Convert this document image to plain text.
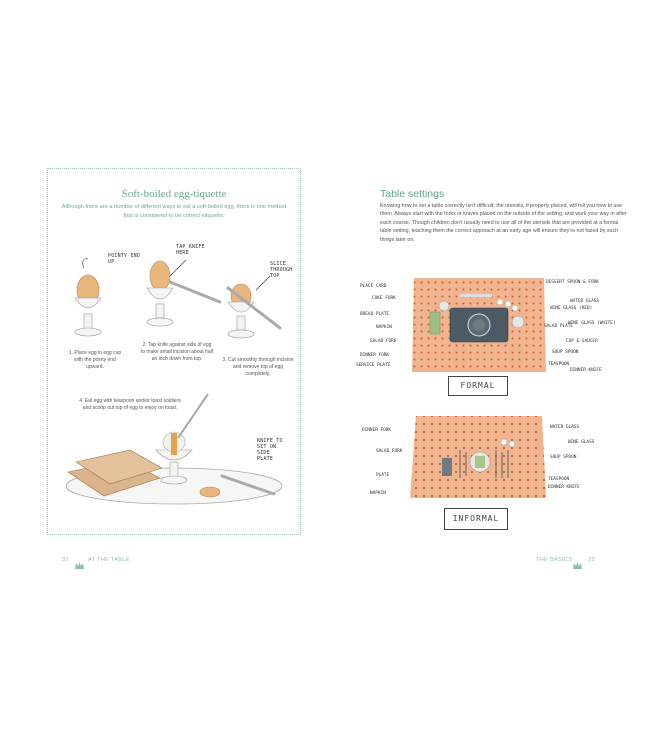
Soft-boiled egg-tiquette
Although there are a number of different ways to eat a soft-boiled egg, there is one method that is considered to be correct etiquette.
POINTY END UP
TAP KNIFE HERE
SLICE THROUGH TOP
KNIFE TO SIT ON SIDE PLATE
1. Place egg in egg cup with the pointy end upward.
2. Tap knife against side of egg to make small incision about half an inch down from top.	3. Cut smoothly through incision and remove top of egg completely.
4. Eat egg with teaspoon and/or toast soldiers and scoop out top of egg to enjoy on toast.
32	AT THE TABLE
Table settings
Knowing how to set a table correctly isn't difficult; the utensils, if properly placed, will tell you how to use them. Always start with the forks or knives placed on the outside of the setting, and work your way in after each course. Though children don't usually need to use all of the utensils that are provided at a formal table setting, teaching them the correct approach at an early age will ensure they're not fazed by such things later on.
FORMAL
PLACE CARD
CAKE FORK
BREAD PLATE
NAPKIN
SALAD FORK
DINNER FORK
SERVICE PLATE
DESSERT SPOON & FORK
WATER GLASS
WINE GLASS (RED)
WINE GLASS (WHITE)
SALAD PLATE
CUP & SAUCER
SOUP SPOON
TEASPOON
DINNER KNIFE
INFORMAL
DINNER FORK
SALAD FORK
PLATE
NAPKIN
WATER GLASS
WINE GLASS
SOUP SPOON
TEASPOON
DINNER KNIFE
THE BASICS	33
